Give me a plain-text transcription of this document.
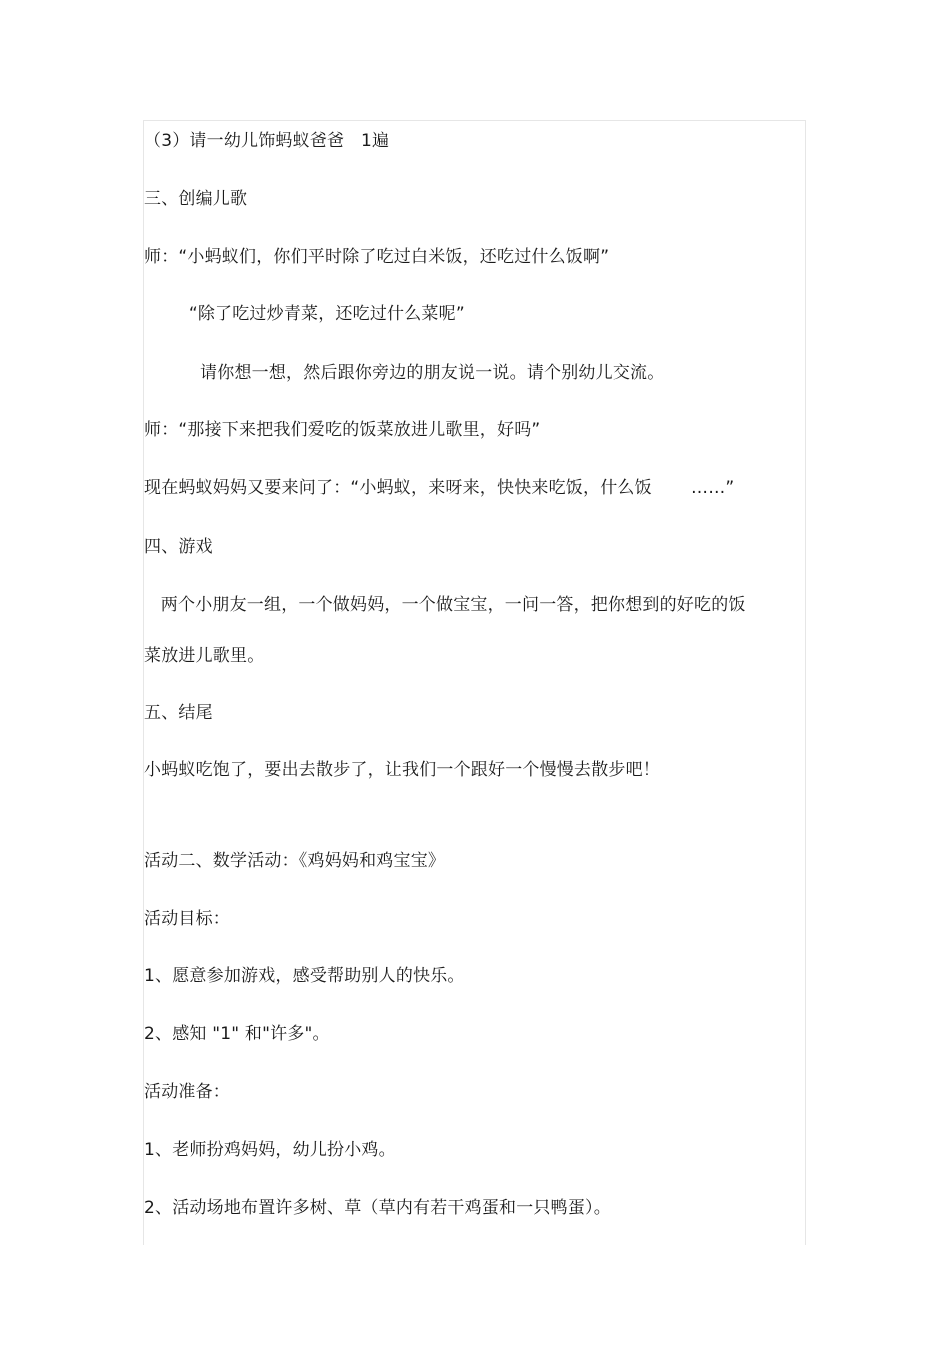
（3）请一幼儿饰蚂蚁爸爸   1遍
三、创编儿歌
师：“小蚂蚁们，你们平时除了吃过白米饭，还吃过什么饭啊”
“除了吃过炒青菜，还吃过什么菜呢”
请你想一想，然后跟你旁边的朋友说一说。请个别幼儿交流。
师：“那接下来把我们爱吃的饭菜放进儿歌里，好吗”
现在蚂蚁妈妈又要来问了：“小蚂蚁，来呀来，快快来吃饭，什么饭       ……”
四、游戏
两个小朋友一组，一个做妈妈，一个做宝宝，一问一答，把你想到的好吃的饭
菜放进儿歌里。
五、结尾
小蚂蚁吃饱了，要出去散步了，让我们一个跟好一个慢慢去散步吧！
活动二、数学活动：《鸡妈妈和鸡宝宝》
活动目标：
1、愿意参加游戏，感受帮助别人的快乐。
2、感知 "1" 和"许多"。
活动准备：
1、老师扮鸡妈妈，幼儿扮小鸡。
2、活动场地布置许多树、草（草内有若干鸡蛋和一只鸭蛋）。
